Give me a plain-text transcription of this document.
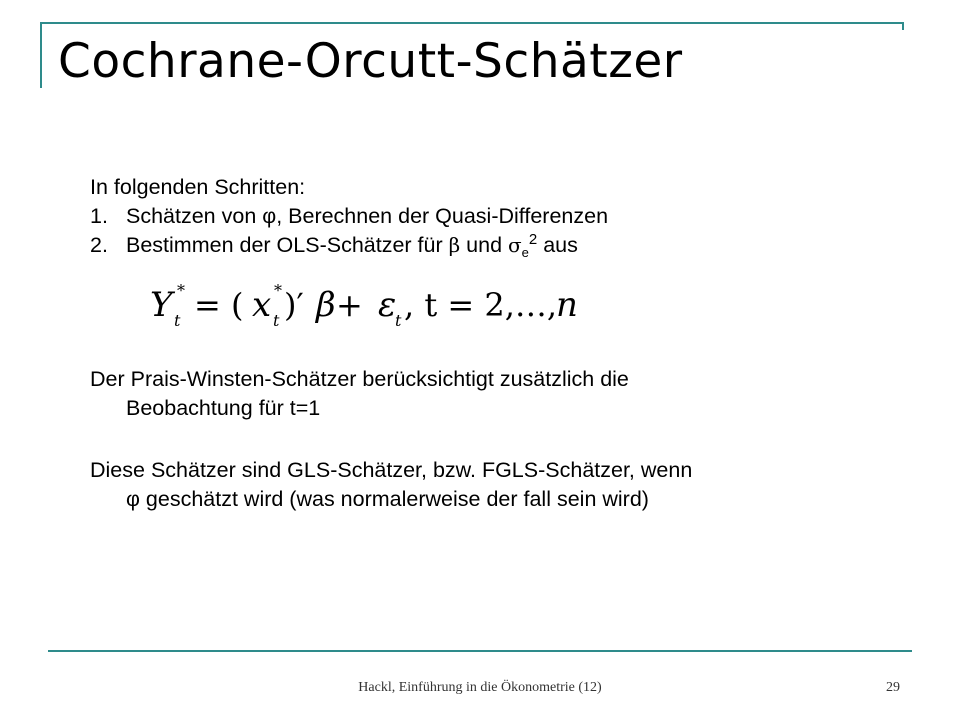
Cochrane-Orcutt-Schätzer
In folgenden Schritten:
1. Schätzen von φ, Berechnen der Quasi-Differenzen
2. Bestimmen der OLS-Schätzer für β und $\sigma_e^2$ aus
Y t
* = ( x t
* )′ β + ε
t , t = 2,…,
n
Der Prais-Winsten-Schätzer berücksichtigt zusätzlich die
Beobachtung für t=1
Diese Schätzer sind GLS-Schätzer, bzw. FGLS-Schätzer, wenn
φ geschätzt wird (was normalerweise der fall sein wird)
Hackl, Einführung in die Ökonometrie (12)	29
